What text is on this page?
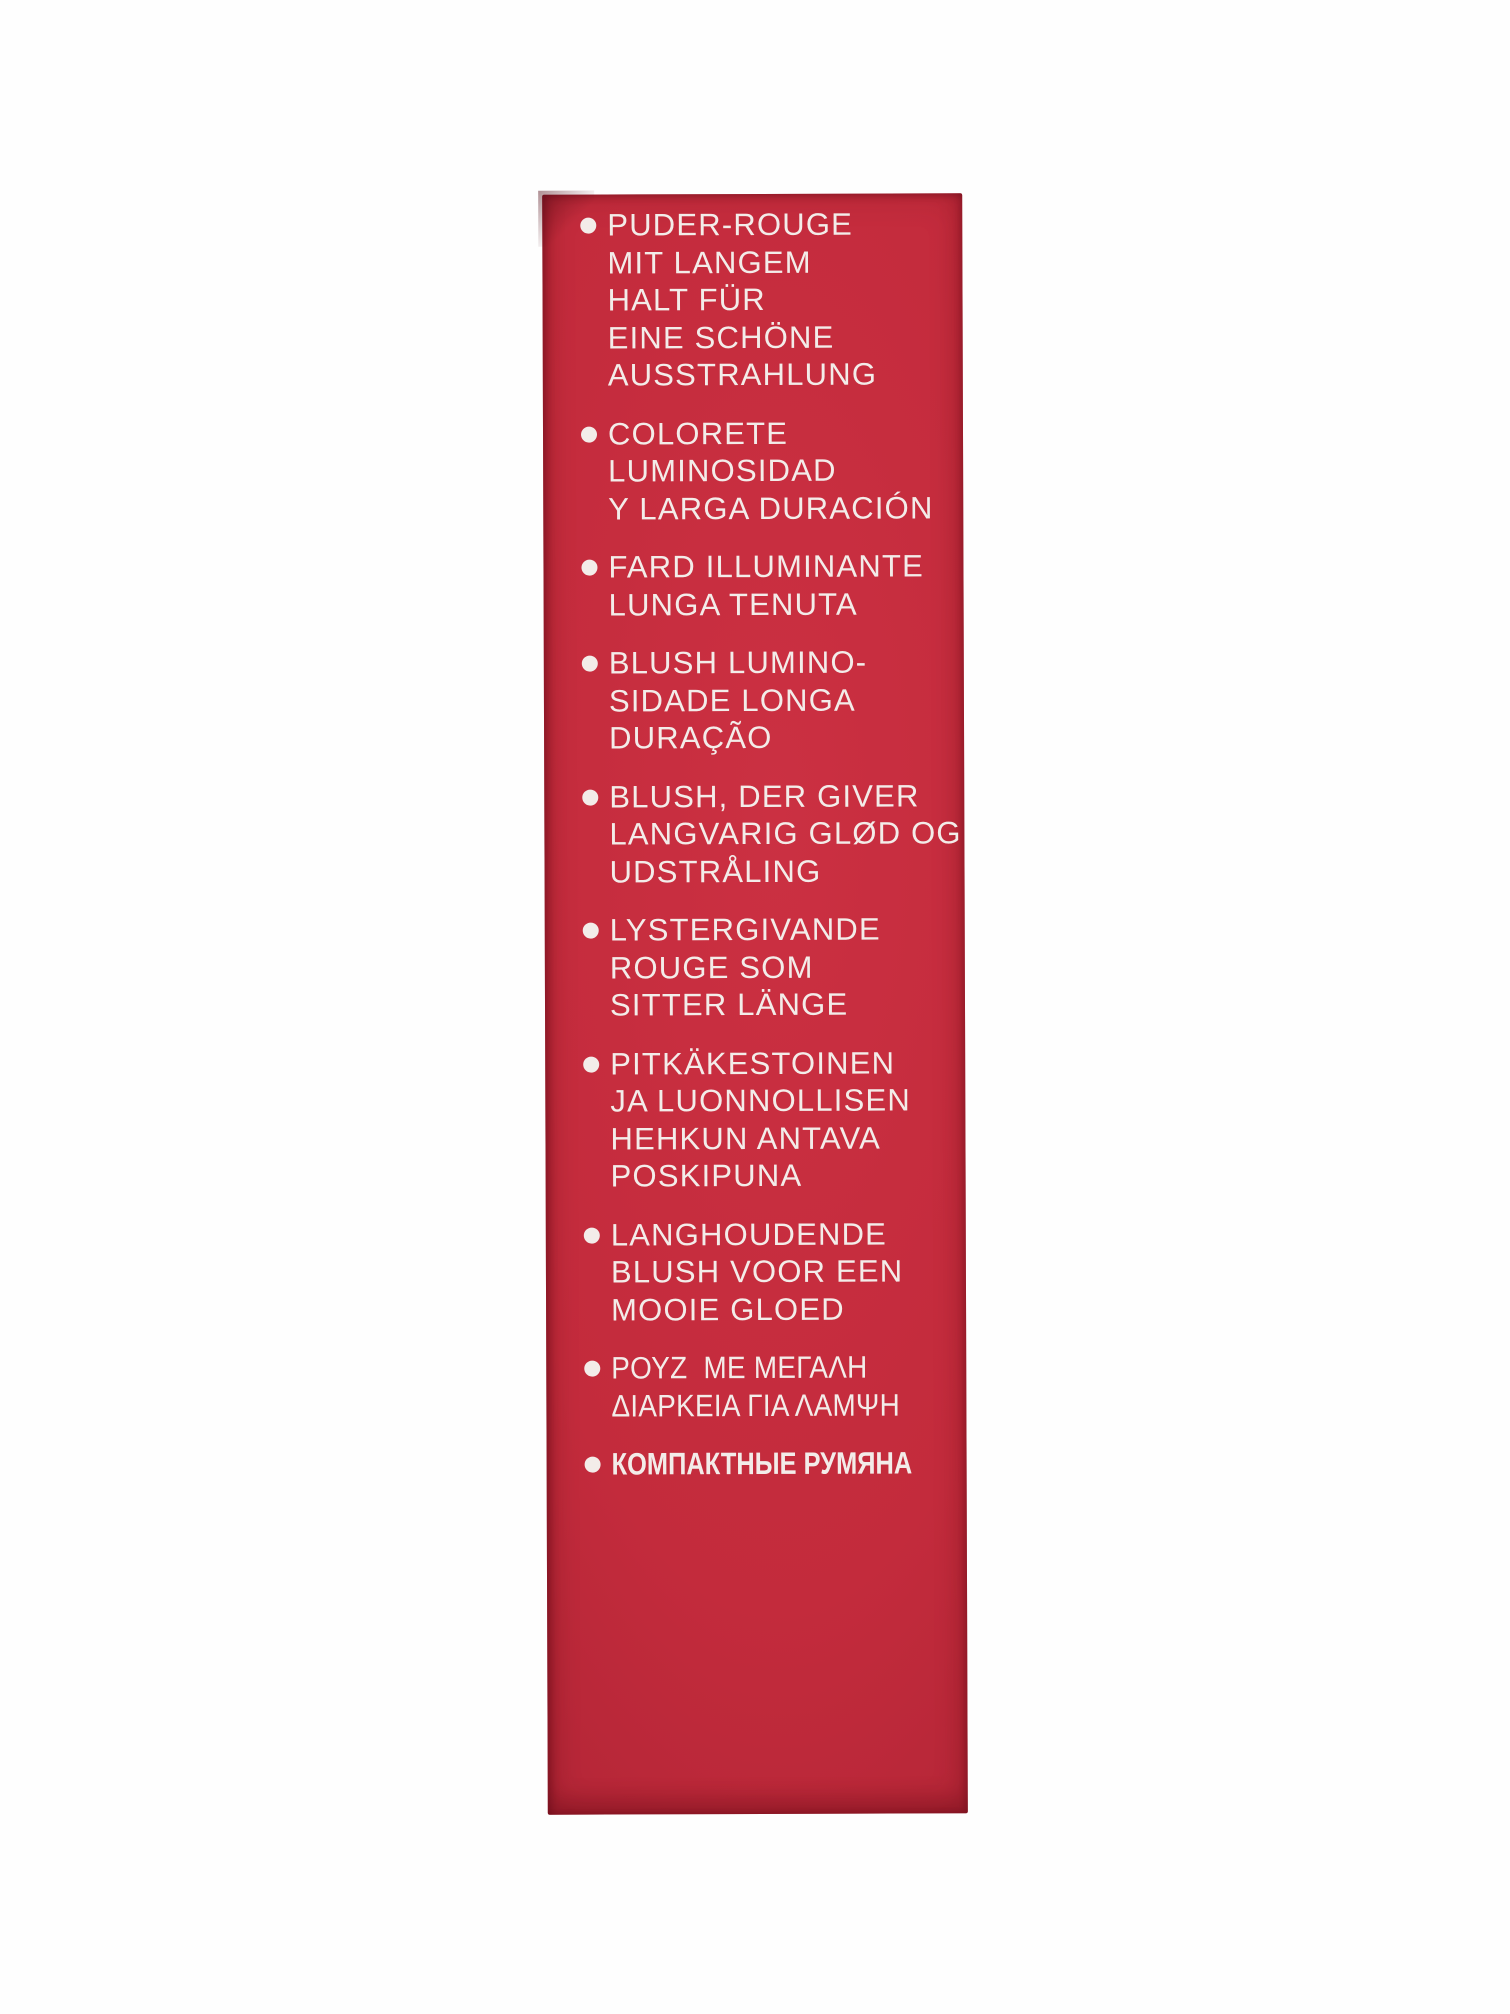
PUDER-ROUGE
MIT LANGEM
HALT FÜR
EINE SCHÖNE
AUSSTRAHLUNG
COLORETE
LUMINOSIDAD
Y LARGA DURACIÓN
FARD ILLUMINANTE
LUNGA TENUTA
BLUSH LUMINO-
SIDADE LONGA
DURAÇÃO
BLUSH, DER GIVER
LANGVARIG GLØD OG
UDSTRÅLING
LYSTERGIVANDE
ROUGE SOM
SITTER LÄNGE
PITKÄKESTOINEN
JA LUONNOLLISEN
HEHKUN ANTAVA
POSKIPUNA
LANGHOUDENDE
BLUSH VOOR EEN
MOOIE GLOED
ΡΟΥΖ  ΜΕ ΜΕΓΑΛΗ
ΔΙΑΡΚΕΙΑ ΓΙΑ ΛΑΜΨΗ
КОМПАКТНЫЕ РУМЯНА
